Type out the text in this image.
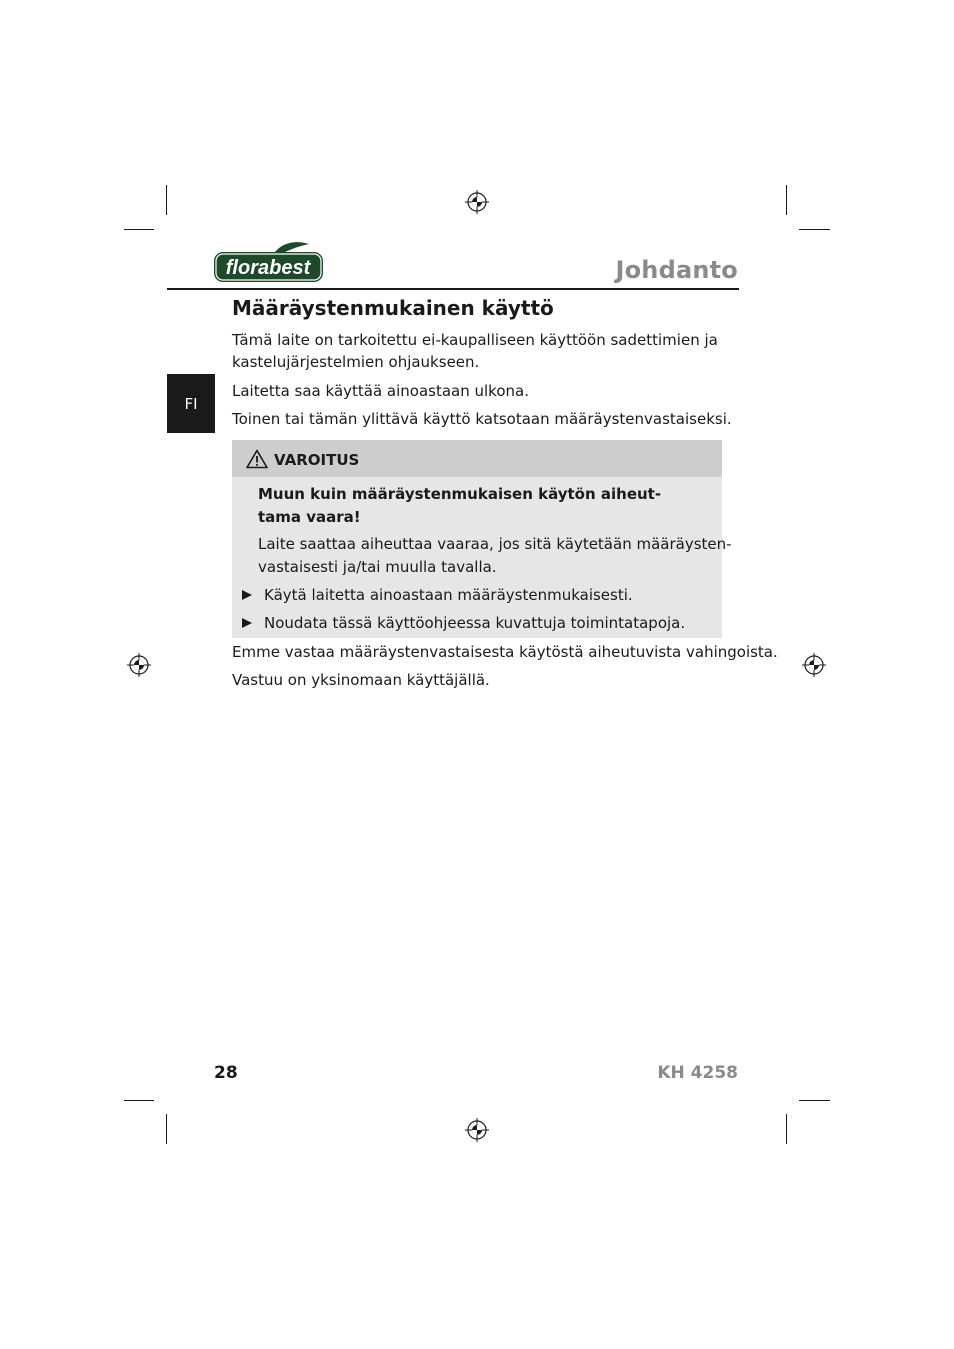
florabest	Johdanto
FI
Määräystenmukainen käyttö
Tämä laite on tarkoitettu ei-kaupalliseen käyttöön sadettimien ja
kastelujärjestelmien ohjaukseen.
Laitetta saa käyttää ainoastaan ulkona.
Toinen tai tämän ylittävä käyttö katsotaan määräystenvastaiseksi.
VAROITUS
Muun kuin määräystenmukaisen käytön aiheut-
tama vaara!
Laite saattaa aiheuttaa vaaraa, jos sitä käytetään määräysten-
vastaisesti ja/tai muulla tavalla.
Käytä laitetta ainoastaan määräystenmukaisesti.
Noudata tässä käyttöohjeessa kuvattuja toimintatapoja.
Emme vastaa määräystenvastaisesta käytöstä aiheutuvista vahingoista.
Vastuu on yksinomaan käyttäjällä.
28	KH 4258
